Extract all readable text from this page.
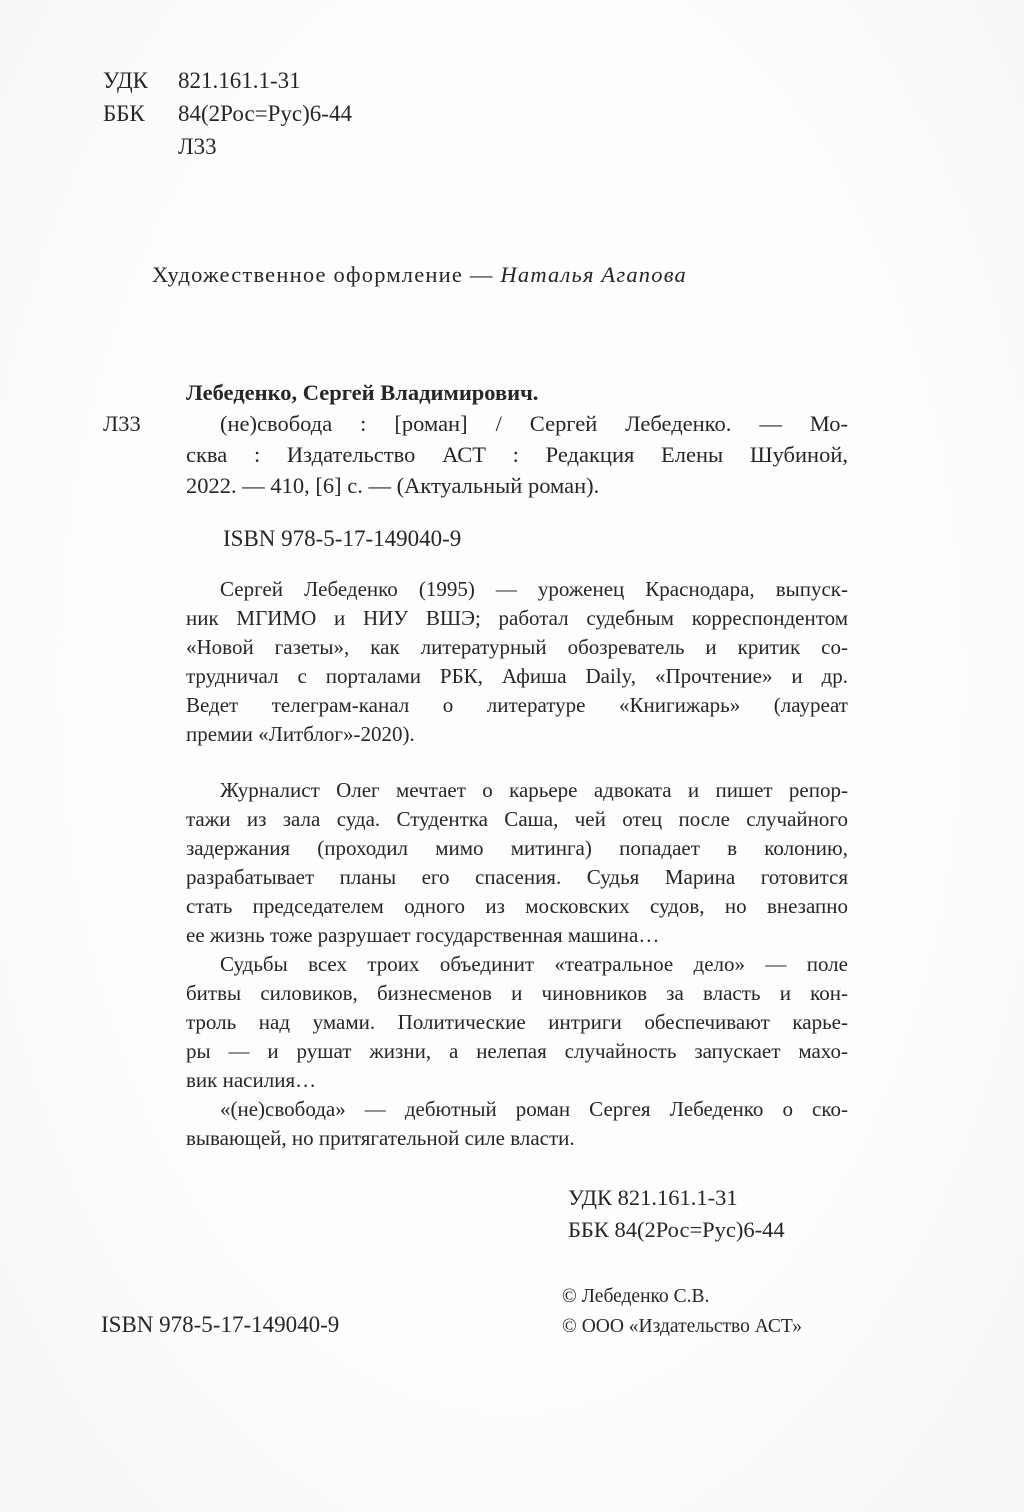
УДК	821.161.1-31
ББК	84(2Рос=Рус)6-44
Л33
Художественное оформление — Наталья Агапова
Л33
Лебеденко, Сергей Владимирович.
(не)свобода : [роман] / Сергей Лебеденко. — Мо-
сква : Издательство АСТ : Редакция Елены Шубиной,
2022. — 410, [6] с. — (Актуальный роман).
ISBN 978-5-17-149040-9
Сергей Лебеденко (1995) — уроженец Краснодара, выпуск-
ник МГИМО и НИУ ВШЭ; работал судебным корреспондентом
«Новой газеты», как литературный обозреватель и критик со-
трудничал с порталами РБК, Афиша Daily, «Прочтение» и др.
Ведет телеграм-канал о литературе «Книгижарь» (лауреат
премии «Литблог»-2020).
Журналист Олег мечтает о карьере адвоката и пишет репор-
тажи из зала суда. Студентка Саша, чей отец после случайного
задержания (проходил мимо митинга) попадает в колонию,
разрабатывает планы его спасения. Судья Марина готовится
стать председателем одного из московских судов, но внезапно
ее жизнь тоже разрушает государственная машина…
Судьбы всех троих объединит «театральное дело» — поле
битвы силовиков, бизнесменов и чиновников за власть и кон-
троль над умами. Политические интриги обеспечивают карье-
ры — и рушат жизни, а нелепая случайность запускает махо-
вик насилия…
«(не)свобода» — дебютный роман Сергея Лебеденко о ско-
вывающей, но притягательной силе власти.
УДК 821.161.1-31
ББК 84(2Рос=Рус)6-44
© Лебеденко С.В.
© ООО «Издательство АСТ»
ISBN 978-5-17-149040-9
